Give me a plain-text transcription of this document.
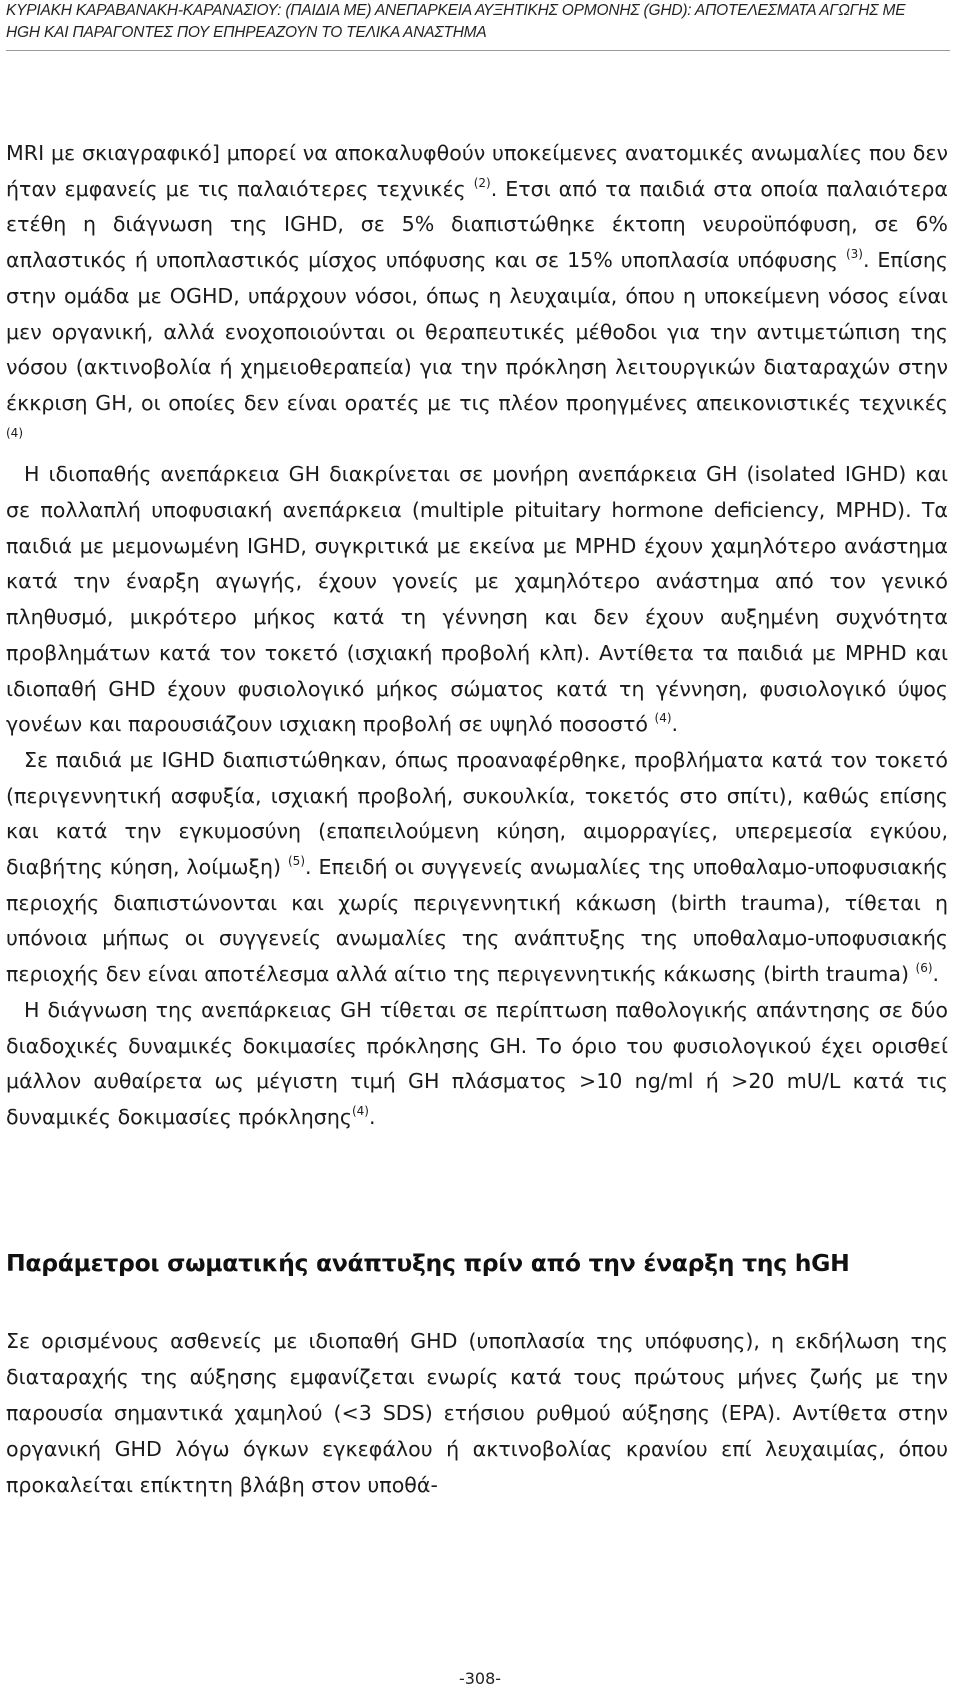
ΚΥΡΙΑΚΗ ΚΑΡΑΒΑΝΑΚΗ-ΚΑΡΑΝΑΣΙΟΥ: (ΠΑΙΔΙΑ ΜΕ) ΑΝΕΠΑΡΚΕΙΑ ΑΥΞΗΤΙΚΗΣ ΟΡΜΟΝΗΣ (GHD): ΑΠΟΤΕΛΕΣΜΑΤΑ ΑΓΩΓΗΣ ΜΕ
HGH ΚΑΙ ΠΑΡΑΓΟΝΤΕΣ ΠΟΥ ΕΠΗΡΕΑΖΟΥΝ ΤΟ ΤΕΛΙΚΑ ΑΝΑΣΤΗΜΑ

MRI με σκιαγραφικό] μπορεί να αποκαλυφθούν υποκείμενες ανατομικές ανωμαλίες που δεν ήταν εμφανείς με τις παλαιότερες τεχνικές $^{(2)}$. Ετσι από τα παιδιά στα οποία παλαιότερα ετέθη η διάγνωση της IGHD, σε 5% διαπιστώθηκε έκτοπη νευροϋπόφυση, σε 6% απλαστικός ή υποπλαστικός μίσχος υπόφυσης και σε 15% υποπλασία υπόφυσης $^{(3)}$. Επίσης στην ομάδα με OGHD, υπάρχουν νόσοι, όπως η λευχαιμία, όπου η υποκείμενη νόσος είναι μεν οργανική, αλλά ενοχοποιούνται οι θεραπευτικές μέθοδοι για την αντιμετώπιση της νόσου (ακτινοβολία ή χημειοθεραπεία) για την πρόκληση λειτουργικών διαταραχών στην έκκριση GH, οι οποίες δεν είναι ορατές με τις πλέον προηγμένες απεικονιστικές τεχνικές $^{(4)}$

Η ιδιοπαθής ανεπάρκεια GH διακρίνεται σε μονήρη ανεπάρκεια GH (isolated IGHD) και σε πολλαπλή υποφυσιακή ανεπάρκεια (multiple pituitary hormone deficiency, MPHD). Τα παιδιά με μεμονωμένη IGHD, συγκριτικά με εκείνα με MPHD έχουν χαμηλότερο ανάστημα κατά την έναρξη αγωγής, έχουν γονείς με χαμηλότερο ανάστημα από τον γενικό πληθυσμό, μικρότερο μήκος κατά τη γέννηση και δεν έχουν αυξημένη συχνότητα προβλημάτων κατά τον τοκετό (ισχιακή προβολή κλπ). Αντίθετα τα παιδιά με MPHD και ιδιοπαθή GHD έχουν φυσιολογικό μήκος σώματος κατά τη γέννηση, φυσιολογικό ύψος γονέων και παρουσιάζουν ισχιακη προβολή σε υψηλό ποσοστό $^{(4)}$.

Σε παιδιά με IGHD διαπιστώθηκαν, όπως προαναφέρθηκε, προβλήματα κατά τον τοκετό (περιγεννητική ασφυξία, ισχιακή προβολή, συκουλκία, τοκετός στο σπίτι), καθώς επίσης και κατά την εγκυμοσύνη (επαπειλούμενη κύηση, αιμορραγίες, υπερεμεσία εγκύου, διαβήτης κύηση, λοίμωξη) $^{(5)}$. Επειδή οι συγγενείς ανωμαλίες της υποθαλαμο-υποφυσιακής περιοχής διαπιστώνονται και χωρίς περιγεννητική κάκωση (birth trauma), τίθεται η υπόνοια μήπως οι συγγενείς ανωμαλίες της ανάπτυξης της υποθαλαμο-υποφυσιακής περιοχής δεν είναι αποτέλεσμα αλλά αίτιο της περιγεννητικής κάκωσης (birth trauma) $^{(6)}$.

Η διάγνωση της ανεπάρκειας GH τίθεται σε περίπτωση παθολογικής απάντησης σε δύο διαδοχικές δυναμικές δοκιμασίες πρόκλησης GH. Το όριο του φυσιολογικού έχει ορισθεί μάλλον αυθαίρετα ως μέγιστη τιμή GH πλάσματος >10 ng/ml ή >20 mU/L κατά τις δυναμικές δοκιμασίες πρόκλησης$^{(4)}$.

Παράμετροι σωματικής ανάπτυξης πρίν από την έναρξη της hGH

Σε ορισμένους ασθενείς με ιδιοπαθή GHD (υποπλασία της υπόφυσης), η εκδήλωση της διαταραχής της αύξησης εμφανίζεται ενωρίς κατά τους πρώτους μήνες ζωής με την παρουσία σημαντικά χαμηλού (<3 SDS) ετήσιου ρυθμού αύξησης (EPA). Αντίθετα στην οργανική GHD λόγω όγκων εγκεφάλου ή ακτινοβολίας κρανίου επί λευχαιμίας, όπου προκαλείται επίκτητη βλάβη στον υποθά-

-308-
